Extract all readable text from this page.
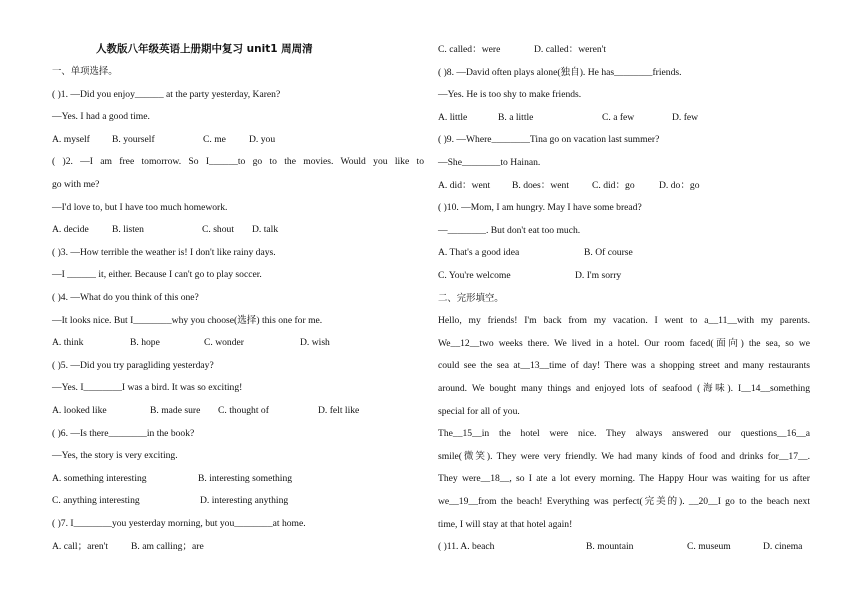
人教版八年级英语上册期中复习 unit1 周周清
一、单项选择。
( )1. —Did you enjoy______ at the party yesterday, Karen?
—Yes. I had a good time.
A. myself	B. yourself	C. me	D. you
( )2. —I am free tomorrow. So I______to go to the movies. Would you like to
go with me?
—I'd love to, but I have too much homework.
A. decide	B. listen	C. shout	D. talk
( )3. —How terrible the weather is! I don't like rainy days.
—I ______ it, either. Because I can't go to play soccer.
( )4. —What do you think of this one?
—It looks nice. But I________why you choose(选择) this one for me.
A. think	B. hope	C. wonder	D. wish
( )5. —Did you try paragliding yesterday?
—Yes. I________I was a bird. It was so exciting!
A. looked like	B. made sure	C. thought of	D. felt like
( )6. —Is there________in the book?
—Yes, the story is very exciting.
A. something interesting	B. interesting something
C. anything interesting	D. interesting anything
( )7. I________you yesterday morning, but you________at home.
A. call；aren't	B. am calling；are
C. called：were	D. called：weren't
( )8. —David often plays alone(独自). He has________friends.
—Yes. He is too shy to make friends.
A. little	B. a little	C. a few	D. few
( )9. —Where________Tina go on vacation last summer?
—She________to Hainan.
A. did：went	B. does：went	C. did：go	D. do：go
( )10. —Mom, I am hungry. May I have some bread?
—________. But don't eat too much.
A. That's a good idea	B. Of course
C. You're welcome	D. I'm sorry
二、完形填空。
Hello, my friends! I'm back from my vacation. I went to a__11__with my parents.
We__12__two weeks there. We lived in a hotel. Our room faced(面向) the sea, so we
could see the sea at__13__time of day! There was a shopping street and many restaurants
around. We bought many things and enjoyed lots of seafood (海味). I__14__something
special for all of you.
The__15__in the hotel were nice. They always answered our questions__16__a
smile(微笑). They were very friendly. We had many kinds of food and drinks for__17__.
They were__18__, so I ate a lot every morning. The Happy Hour was waiting for us after
we__19__from the beach! Everything was perfect(完美的). __20__I go to the beach next
time, I will stay at that hotel again!
( )11. A. beach	B. mountain	C. museum	D. cinema
